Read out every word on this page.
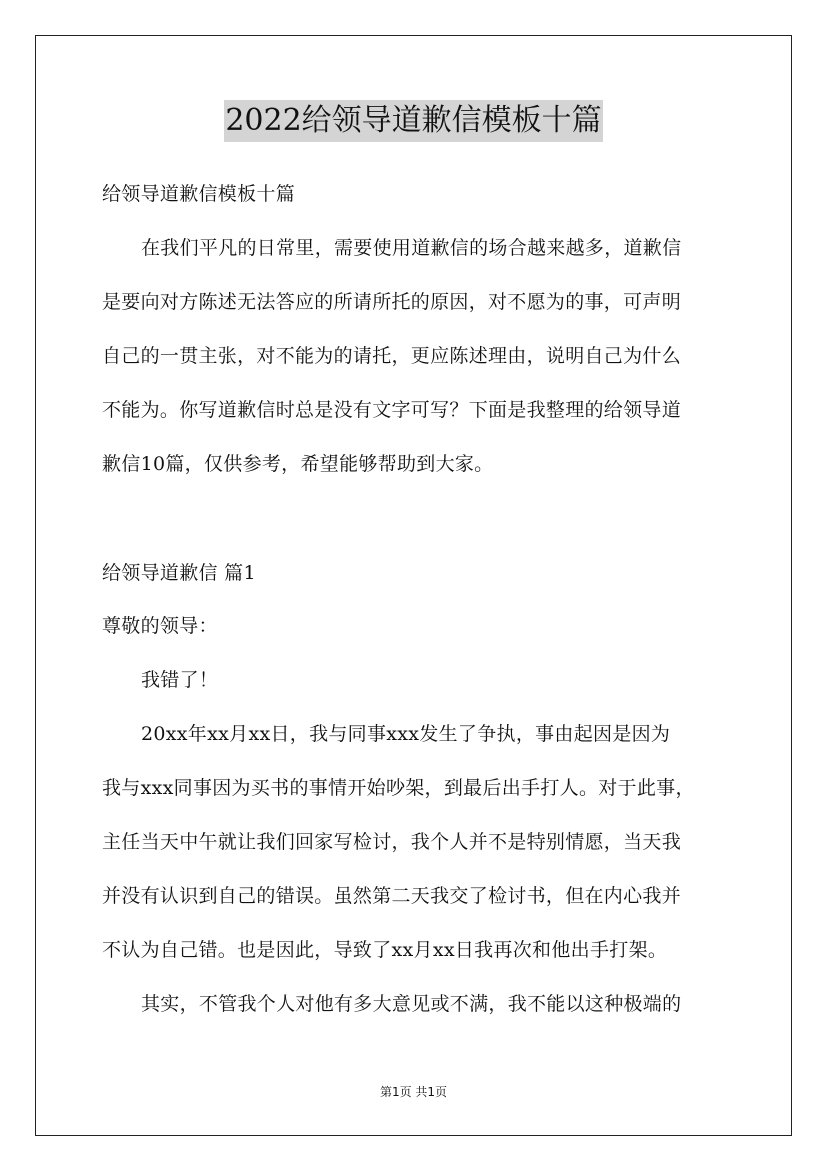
2022给领导道歉信模板十篇
给领导道歉信模板十篇
在我们平凡的日常里，需要使用道歉信的场合越来越多，道歉信
是要向对方陈述无法答应的所请所托的原因，对不愿为的事，可声明
自己的一贯主张，对不能为的请托，更应陈述理由，说明自己为什么
不能为。你写道歉信时总是没有文字可写？下面是我整理的给领导道
歉信10篇，仅供参考，希望能够帮助到大家。
给领导道歉信 篇1
尊敬的领导：
我错了！
20xx年xx月xx日，我与同事xxx发生了争执，事由起因是因为
我与xxx同事因为买书的事情开始吵架，到最后出手打人。对于此事，
主任当天中午就让我们回家写检讨，我个人并不是特别情愿，当天我
并没有认识到自己的错误。虽然第二天我交了检讨书，但在内心我并
不认为自己错。也是因此，导致了xx月xx日我再次和他出手打架。
其实，不管我个人对他有多大意见或不满，我不能以这种极端的
第1页 共1页
